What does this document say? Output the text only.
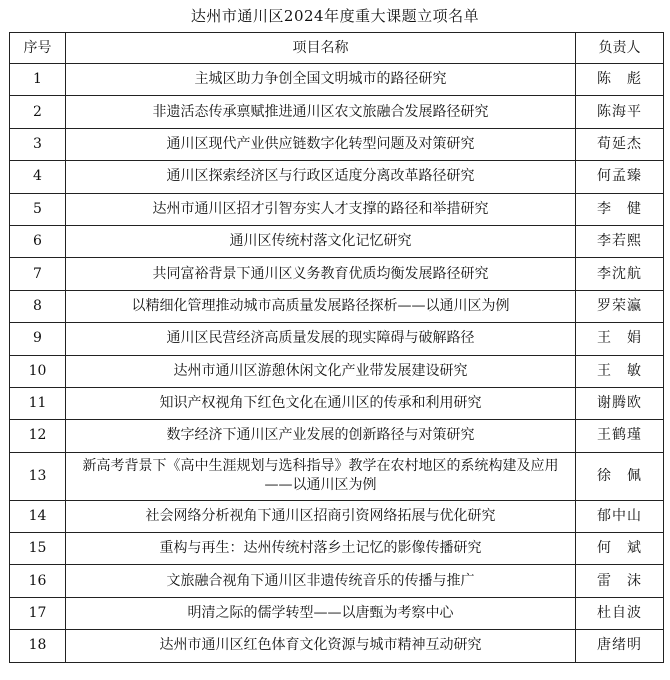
达州市通川区2024年度重大课题立项名单
序号	项目名称	负责人
1	主城区助力争创全国文明城市的路径研究	陈　彪
2	非遗活态传承禀赋推进通川区农文旅融合发展路径研究	陈海平
3	通川区现代产业供应链数字化转型问题及对策研究	荀延杰
4	通川区探索经济区与行政区适度分离改革路径研究	何孟臻
5	达州市通川区招才引智夯实人才支撑的路径和举措研究	李　健
6	通川区传统村落文化记忆研究	李若熙
7	共同富裕背景下通川区义务教育优质均衡发展路径研究	李沈航
8	以精细化管理推动城市高质量发展路径探析——以通川区为例	罗荣瀛
9	通川区民营经济高质量发展的现实障碍与破解路径	王　娟
10	达州市通川区游憩休闲文化产业带发展建设研究	王　敏
11	知识产权视角下红色文化在通川区的传承和利用研究	谢腾欧
12	数字经济下通川区产业发展的创新路径与对策研究	王鹤瑾
13	新高考背景下《高中生涯规划与选科指导》教学在农村地区的系统构建及应用——以通川区为例	徐　佩
14	社会网络分析视角下通川区招商引资网络拓展与优化研究	郁中山
15	重构与再生：达州传统村落乡土记忆的影像传播研究	何　斌
16	文旅融合视角下通川区非遗传统音乐的传播与推广	雷　沫
17	明清之际的儒学转型——以唐甄为考察中心	杜自波
18	达州市通川区红色体育文化资源与城市精神互动研究	唐绪明
